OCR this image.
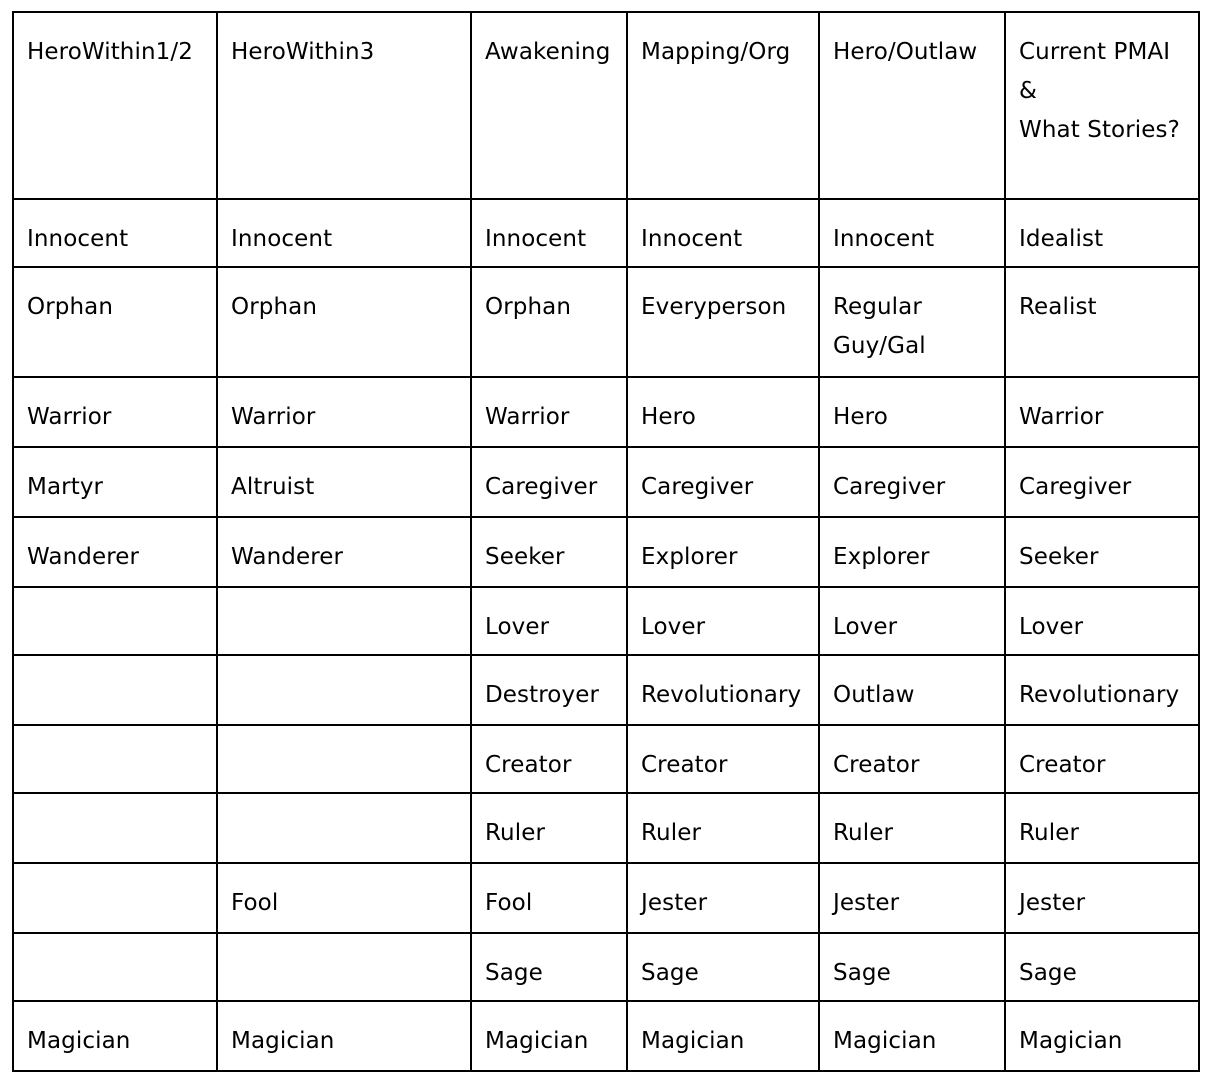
HeroWithin1/2	HeroWithin3	Awakening	Mapping/Org	Hero/Outlaw	Current PMAI
&
What Stories?

Innocent	Innocent	Innocent	Innocent	Innocent	Idealist
Orphan	Orphan	Orphan	Everyperson	Regular Guy/Gal	Realist
Warrior	Warrior	Warrior	Hero	Hero	Warrior
Martyr	Altruist	Caregiver	Caregiver	Caregiver	Caregiver
Wanderer	Wanderer	Seeker	Explorer	Explorer	Seeker
		Lover	Lover	Lover	Lover
		Destroyer	Revolutionary	Outlaw	Revolutionary
		Creator	Creator	Creator	Creator
		Ruler	Ruler	Ruler	Ruler
	Fool	Fool	Jester	Jester	Jester
		Sage	Sage	Sage	Sage
Magician	Magician	Magician	Magician	Magician	Magician
